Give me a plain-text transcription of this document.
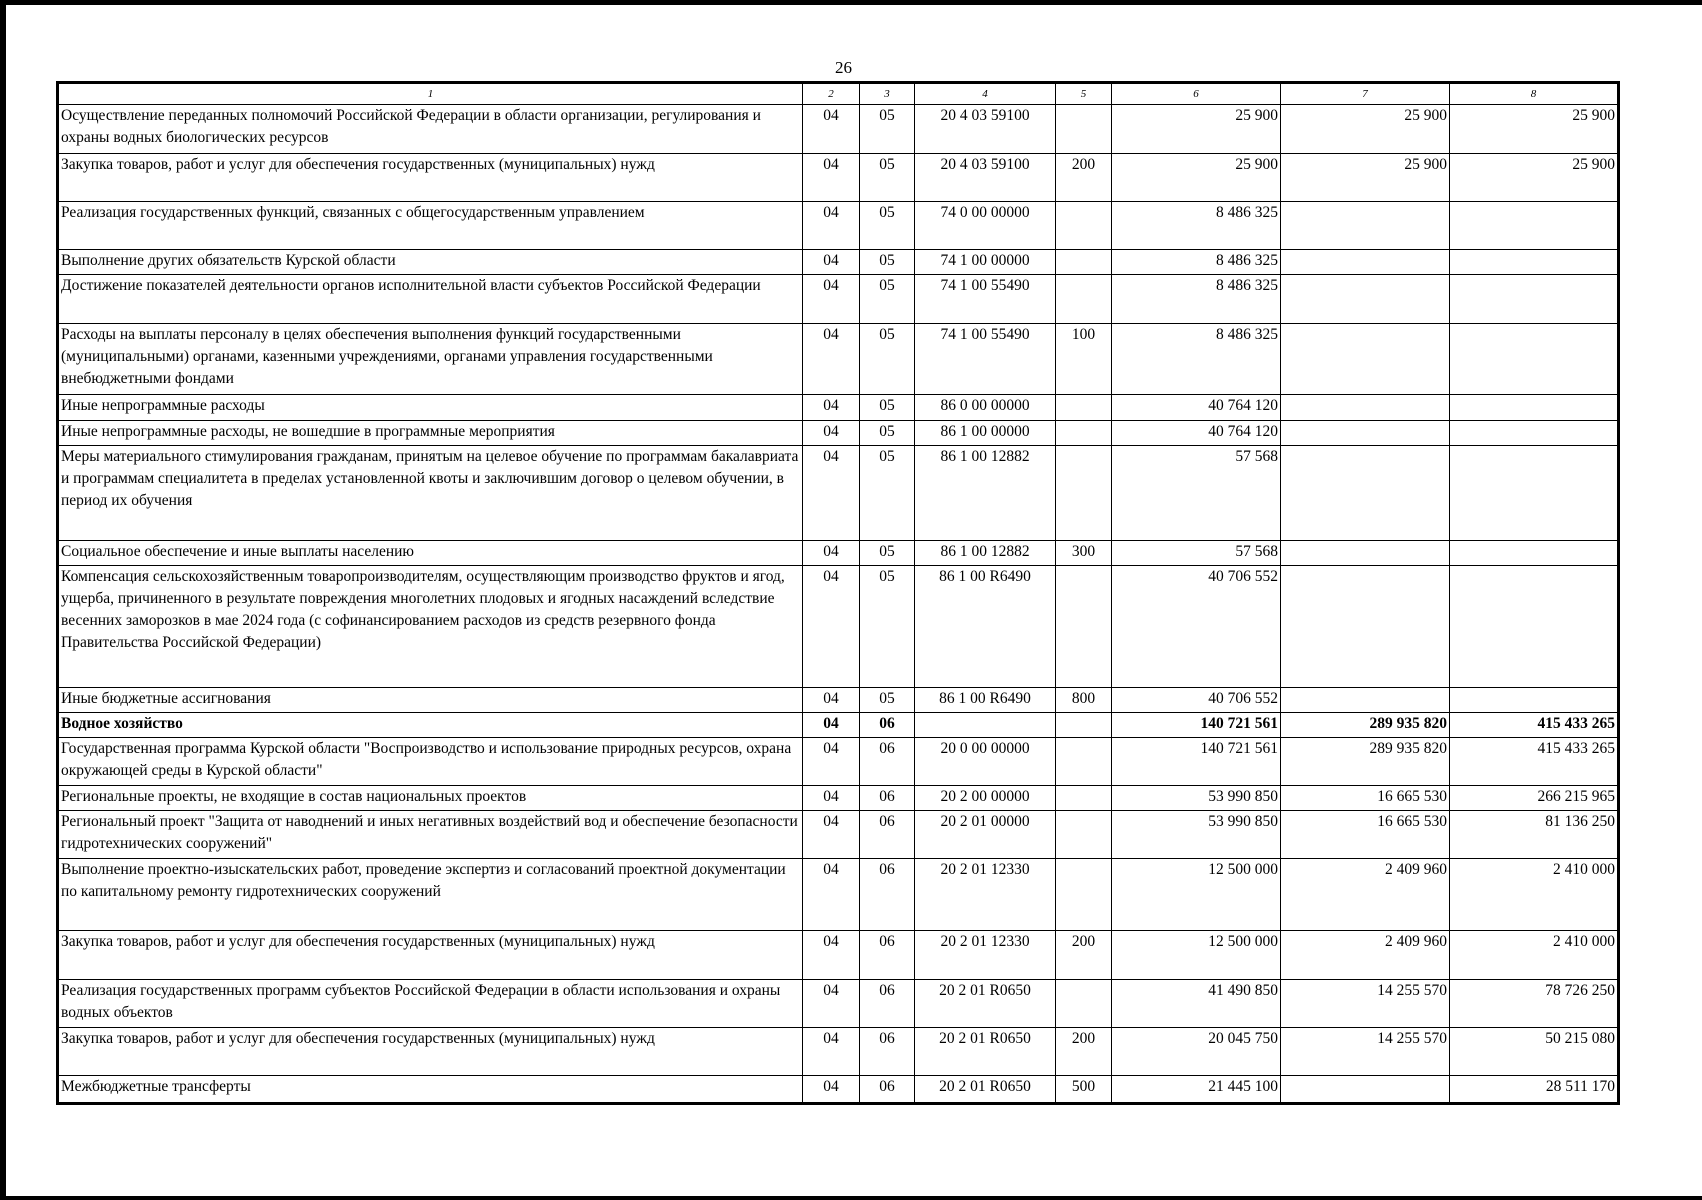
26
1	2	3	4	5	6	7	8
Осуществление переданных полномочий Российской Федерации в области организации, регулирования и охраны водных биологических ресурсов	04	05	20 4 03 59100		25 900	25 900	25 900
Закупка товаров, работ и услуг для обеспечения государственных (муниципальных) нужд	04	05	20 4 03 59100	200	25 900	25 900	25 900
Реализация государственных функций, связанных с общегосударственным управлением	04	05	74 0 00 00000		8 486 325		
Выполнение других обязательств Курской области	04	05	74 1 00 00000		8 486 325		
Достижение показателей деятельности органов исполнительной власти субъектов Российской Федерации	04	05	74 1 00 55490		8 486 325		
Расходы на выплаты персоналу в целях обеспечения выполнения функций государственными (муниципальными) органами, казенными учреждениями, органами управления государственными внебюджетными фондами	04	05	74 1 00 55490	100	8 486 325		
Иные непрограммные расходы	04	05	86 0 00 00000		40 764 120		
Иные непрограммные расходы, не вошедшие в программные мероприятия	04	05	86 1 00 00000		40 764 120		
Меры материального стимулирования гражданам, принятым на целевое обучение по программам бакалавриата и программам специалитета в пределах установленной квоты и заключившим договор о целевом обучении, в период их обучения	04	05	86 1 00 12882		57 568		
Социальное обеспечение и иные выплаты населению	04	05	86 1 00 12882	300	57 568		
Компенсация сельскохозяйственным товаропроизводителям, осуществляющим производство фруктов и ягод, ущерба, причиненного в результате повреждения многолетних плодовых и ягодных насаждений вследствие весенних заморозков в мае 2024 года (с софинансированием расходов из средств резервного фонда Правительства Российской Федерации)	04	05	86 1 00 R6490		40 706 552		
Иные бюджетные ассигнования	04	05	86 1 00 R6490	800	40 706 552		
Водное хозяйство	04	06			140 721 561	289 935 820	415 433 265
Государственная программа Курской области "Воспроизводство и использование природных ресурсов, охрана окружающей среды в Курской области"	04	06	20 0 00 00000		140 721 561	289 935 820	415 433 265
Региональные проекты, не входящие в состав национальных проектов	04	06	20 2 00 00000		53 990 850	16 665 530	266 215 965
Региональный проект "Защита от наводнений и иных негативных воздействий вод и обеспечение безопасности гидротехнических сооружений"	04	06	20 2 01 00000		53 990 850	16 665 530	81 136 250
Выполнение проектно-изыскательских работ, проведение экспертиз и согласований проектной документации по капитальному ремонту гидротехнических сооружений	04	06	20 2 01 12330		12 500 000	2 409 960	2 410 000
Закупка товаров, работ и услуг для обеспечения государственных (муниципальных) нужд	04	06	20 2 01 12330	200	12 500 000	2 409 960	2 410 000
Реализация государственных программ субъектов Российской Федерации в области использования и охраны водных объектов	04	06	20 2 01 R0650		41 490 850	14 255 570	78 726 250
Закупка товаров, работ и услуг для обеспечения государственных (муниципальных) нужд	04	06	20 2 01 R0650	200	20 045 750	14 255 570	50 215 080
Межбюджетные трансферты	04	06	20 2 01 R0650	500	21 445 100		28 511 170
